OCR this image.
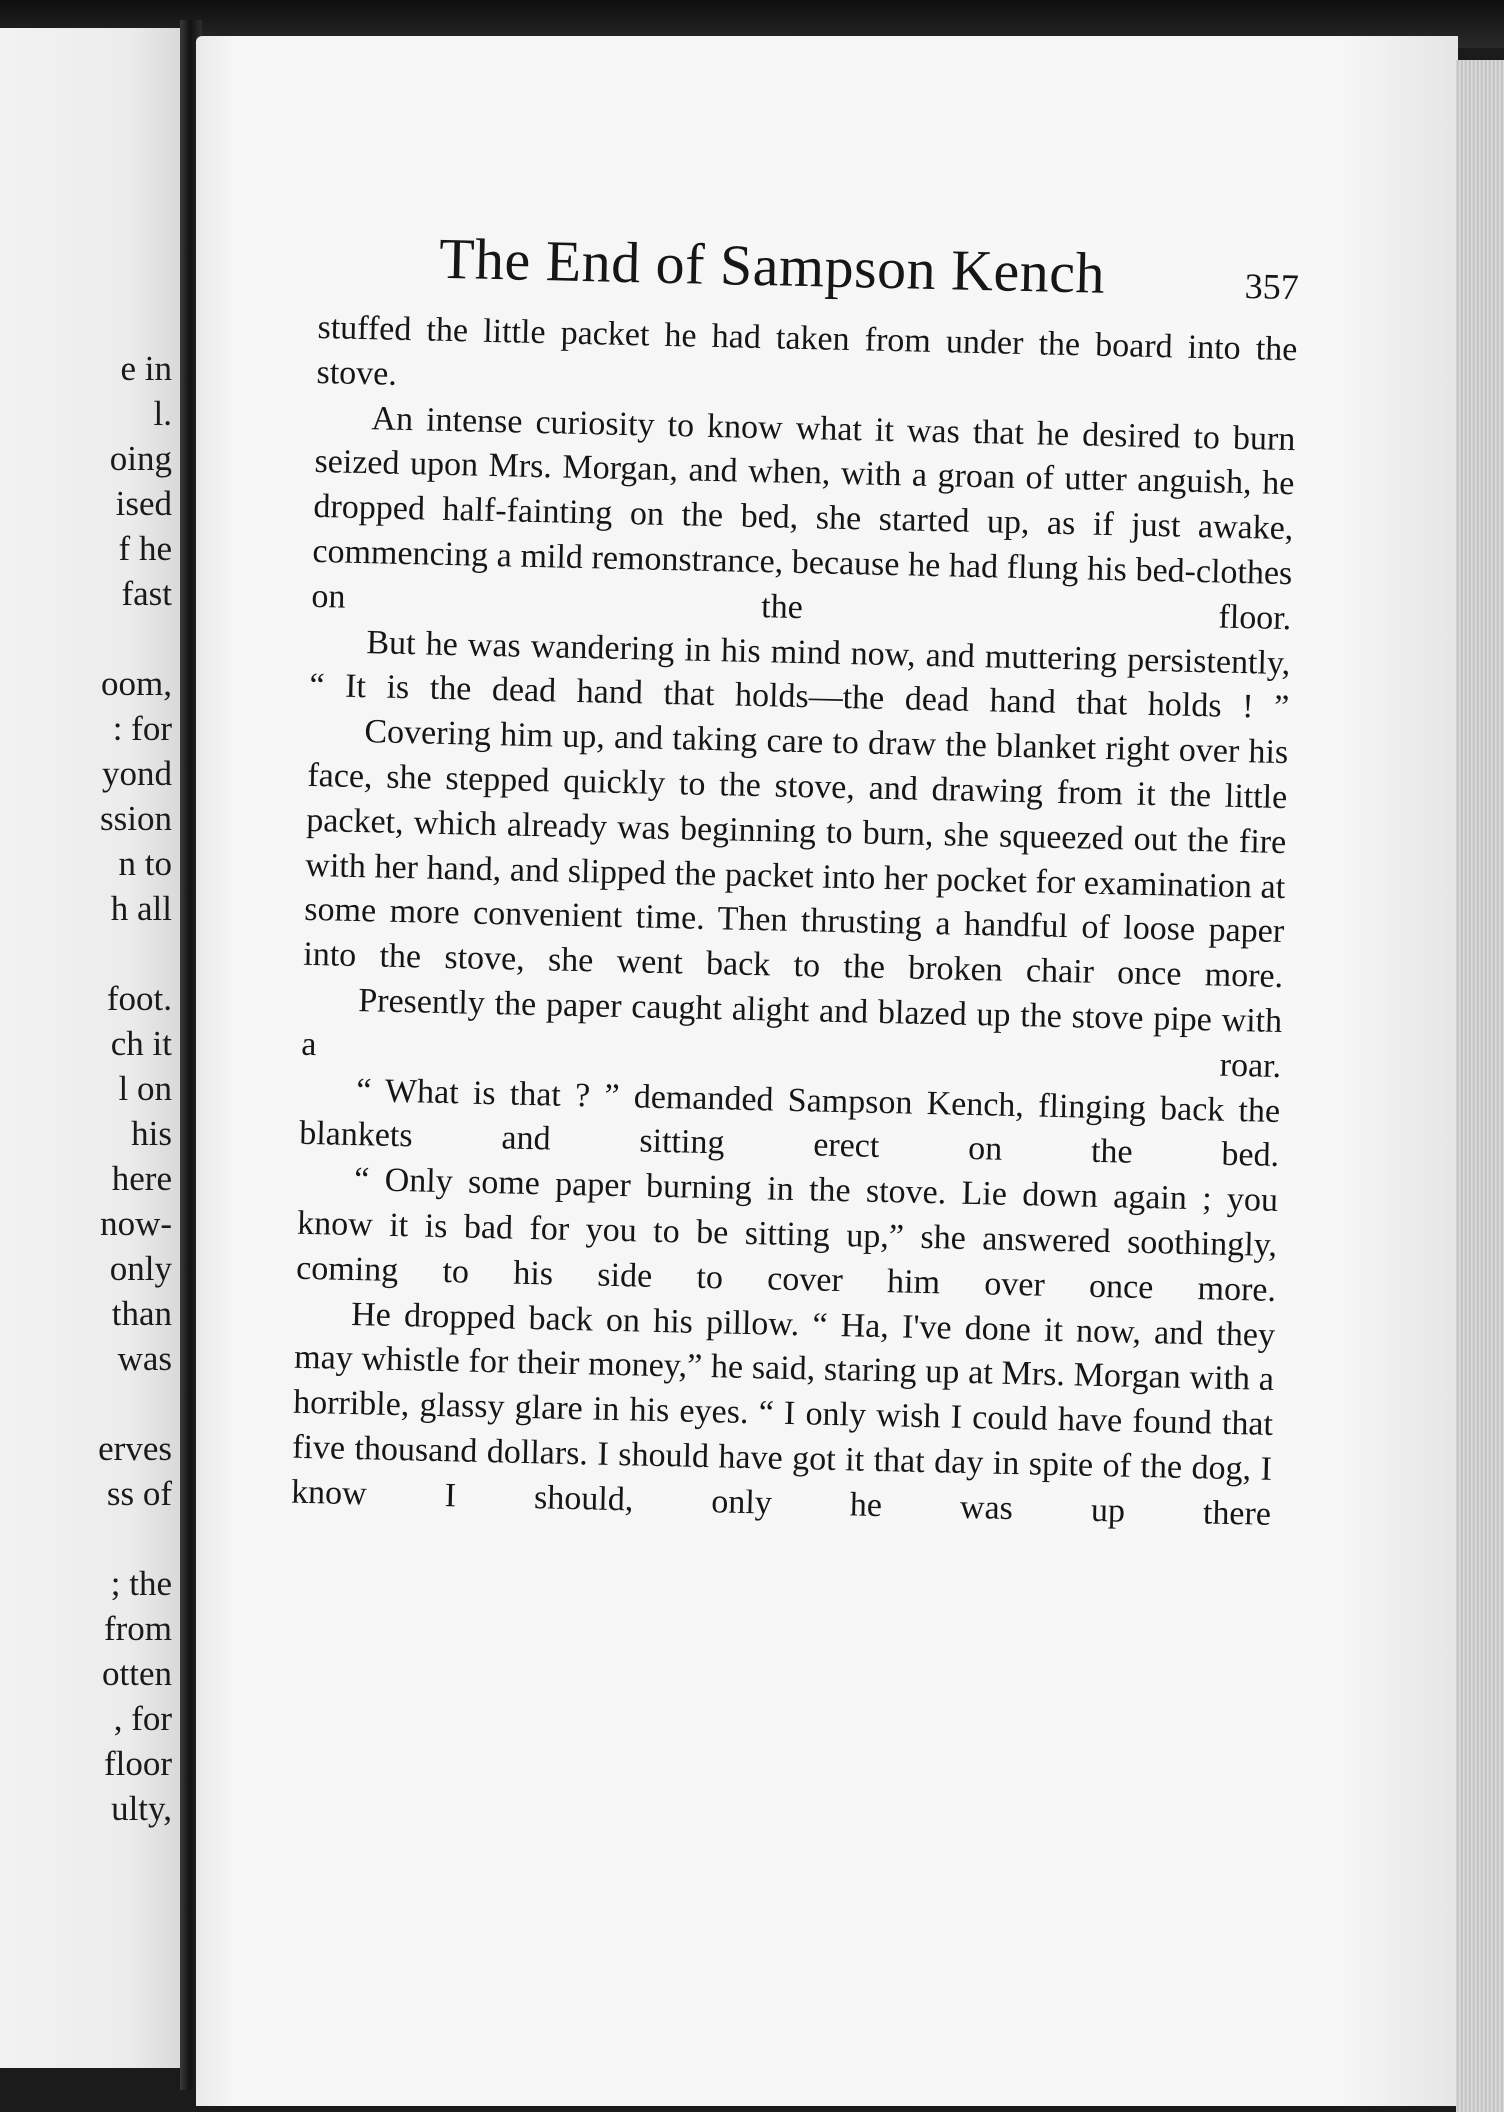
e in
l.
oing
ised
f he
fast
oom,
: for
yond
ssion
n to
h all
foot.
ch it
l on
his
here
now-
only
than
was
erves
ss of
; the
from
otten
, for
floor
ulty,
The End of Sampson Kench	357

stuffed the little packet he had taken from under the board into the stove.

An intense curiosity to know what it was that he desired to burn seized upon Mrs. Morgan, and when, with a groan of utter anguish, he dropped half-fainting on the bed, she started up, as if just awake, commencing a mild remonstrance, because he had flung his bed-clothes on the floor.

But he was wandering in his mind now, and muttering persistently, “ It is the dead hand that holds—the dead hand that holds ! ”

Covering him up, and taking care to draw the blanket right over his face, she stepped quickly to the stove, and drawing from it the little packet, which already was beginning to burn, she squeezed out the fire with her hand, and slipped the packet into her pocket for examination at some more convenient time. Then thrusting a handful of loose paper into the stove, she went back to the broken chair once more.

Presently the paper caught alight and blazed up the stove pipe with a roar.

“ What is that ? ” demanded Sampson Kench, flinging back the blankets and sitting erect on the bed.

“ Only some paper burning in the stove. Lie down again ; you know it is bad for you to be sitting up,” she answered soothingly, coming to his side to cover him over once more.

He dropped back on his pillow. “ Ha, I've done it now, and they may whistle for their money,” he said, staring up at Mrs. Morgan with a horrible, glassy glare in his eyes. “ I only wish I could have found that five thousand dollars. I should have got it that day in spite of the dog, I know I should, only he was up there
